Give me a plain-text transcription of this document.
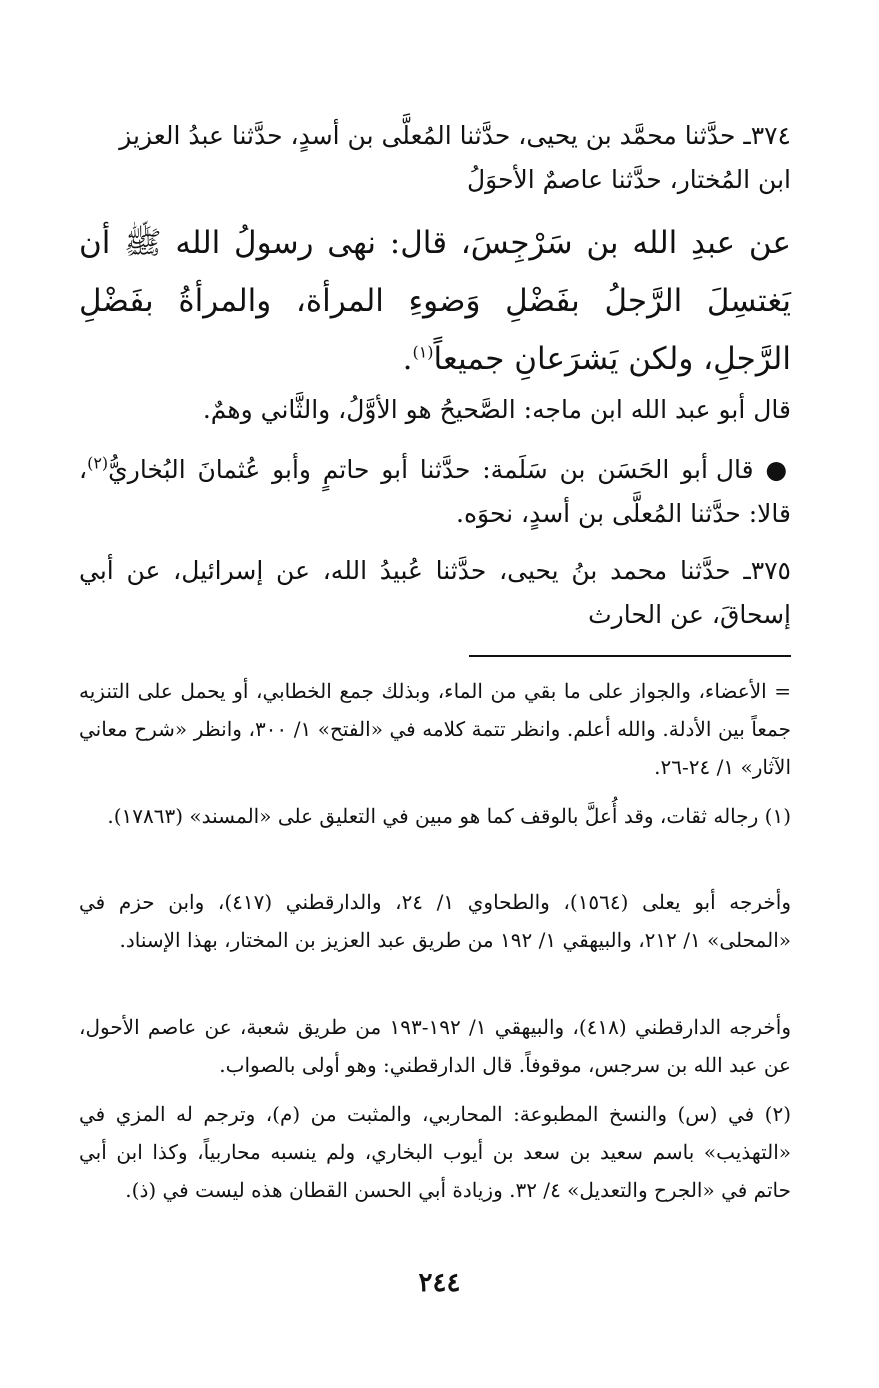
٣٧٤ـ حدَّثنا محمَّد بن يحيى، حدَّثنا المُعلَّى بن أسدٍ، حدَّثنا عبدُ العزيز
ابن المُختار، حدَّثنا عاصمٌ الأحوَلُ

عن عبدِ الله بن سَرْجِسَ، قال: نهى رسولُ الله ﷺ أن يَغتسِلَ الرَّجلُ بفَضْلِ وَضوءِ المرأة، والمرأةُ بفَضْلِ الرَّجلِ، ولكن يَشرَعانِ جميعاً$^{(١)}$.

قال أبو عبد الله ابن ماجه: الصَّحيحُ هو الأوَّلُ، والثَّاني وهمٌ.

● قال أبو الحَسَن بن سَلَمة: حدَّثنا أبو حاتمٍ وأبو عُثمانَ البُخاريُّ$^{(٢)}$، قالا: حدَّثنا المُعلَّى بن أسدٍ، نحوَه.

٣٧٥ـ حدَّثنا محمد بنُ يحيى، حدَّثنا عُبيدُ الله، عن إسرائيل، عن أبي إسحاقَ، عن الحارث

= الأعضاء، والجواز على ما بقي من الماء، وبذلك جمع الخطابي، أو يحمل على التنزيه جمعاً بين الأدلة. والله أعلم. وانظر تتمة كلامه في «الفتح» ١/ ٣٠٠، وانظر «شرح معاني الآثار» ١/ ٢٤-٢٦.

(١) رجاله ثقات، وقد أُعلَّ بالوقف كما هو مبين في التعليق على «المسند» (١٧٨٦٣).

وأخرجه أبو يعلى (١٥٦٤)، والطحاوي ١/ ٢٤، والدارقطني (٤١٧)، وابن حزم في «المحلى» ١/ ٢١٢، والبيهقي ١/ ١٩٢ من طريق عبد العزيز بن المختار، بهذا الإسناد.

وأخرجه الدارقطني (٤١٨)، والبيهقي ١/ ١٩٢-١٩٣ من طريق شعبة، عن عاصم الأحول، عن عبد الله بن سرجس، موقوفاً. قال الدارقطني: وهو أولى بالصواب.

(٢) في (س) والنسخ المطبوعة: المحاربي، والمثبت من (م)، وترجم له المزي في «التهذيب» باسم سعيد بن سعد بن أيوب البخاري، ولم ينسبه محاربياً، وكذا ابن أبي حاتم في «الجرح والتعديل» ٤/ ٣٢. وزيادة أبي الحسن القطان هذه ليست في (ذ).

٢٤٤
